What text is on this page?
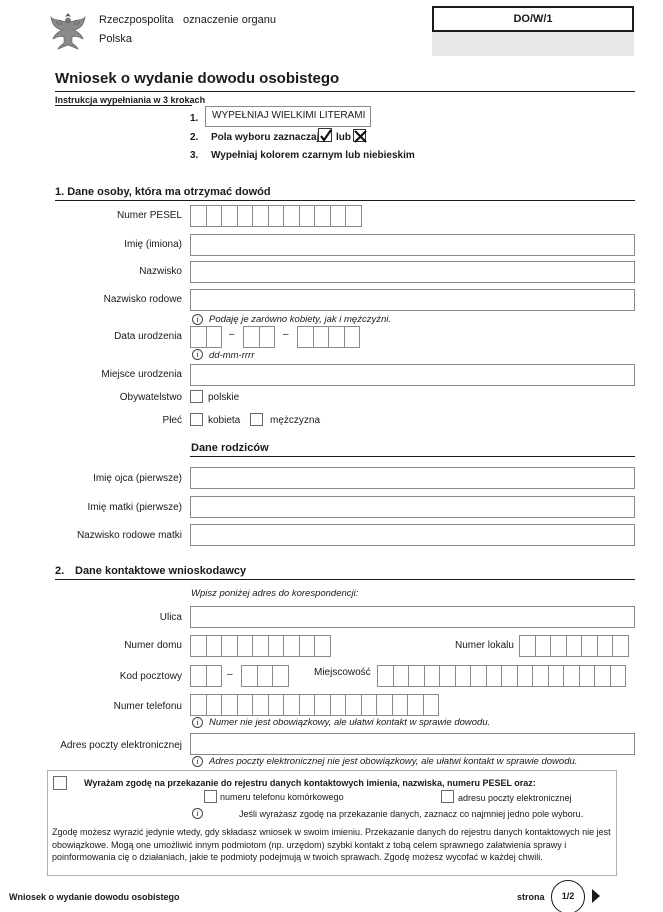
Rzeczpospolita
Polska
oznaczenie organu	DO/W/1
Wniosek o wydanie dowodu osobistego
Instrukcja wypełniania w 3 krokach
1.	WYPEŁNIAJ WIELKIMI LITERAMI
2. Pola wyboru zaznaczaj lub
3. Wypełniaj kolorem czarnym lub niebieskim
1. Dane osoby, która ma otrzymać dowód
Numer PESEL
Imię (imiona)
Nazwisko
Nazwisko rodowe
i	Podaję je zarówno kobiety, jak i mężczyźni.
Data urodzenia	–	–
i	dd-mm-rrrr
Miejsce urodzenia
Obywatelstwo	polskie
Płeć	kobieta	mężczyzna
Dane rodziców
Imię ojca (pierwsze)
Imię matki (pierwsze)
Nazwisko rodowe matki
2. Dane kontaktowe wnioskodawcy
Wpisz poniżej adres do korespondencji:
Ulica
Numer domu	Numer lokalu
Kod pocztowy	–	Miejscowość
Numer telefonu
i	Numer nie jest obowiązkowy, ale ułatwi kontakt w sprawie dowodu.
Adres poczty elektronicznej
i	Adres poczty elektronicznej nie jest obowiązkowy, ale ułatwi kontakt w sprawie dowodu.
Wyrażam zgodę na przekazanie do rejestru danych kontaktowych imienia, nazwiska, numeru PESEL oraz:
numeru telefonu komórkowego	adresu poczty elektronicznej
i	Jeśli wyrażasz zgodę na przekazanie danych, zaznacz co najmniej jedno pole wyboru.
Zgodę możesz wyrazić jedynie wtedy, gdy składasz wniosek w swoim imieniu. Przekazanie danych do rejestru danych kontaktowych nie jest obowiązkowe. Mogą one umożliwić innym podmiotom (np. urzędom) szybki kontakt z tobą celem sprawnego załatwienia sprawy i poinformowania cię o działaniach, jakie te podmioty podejmują w twoich sprawach. Zgodę możesz wycofać w każdej chwili.
Wniosek o wydanie dowodu osobistego	strona	1/2
